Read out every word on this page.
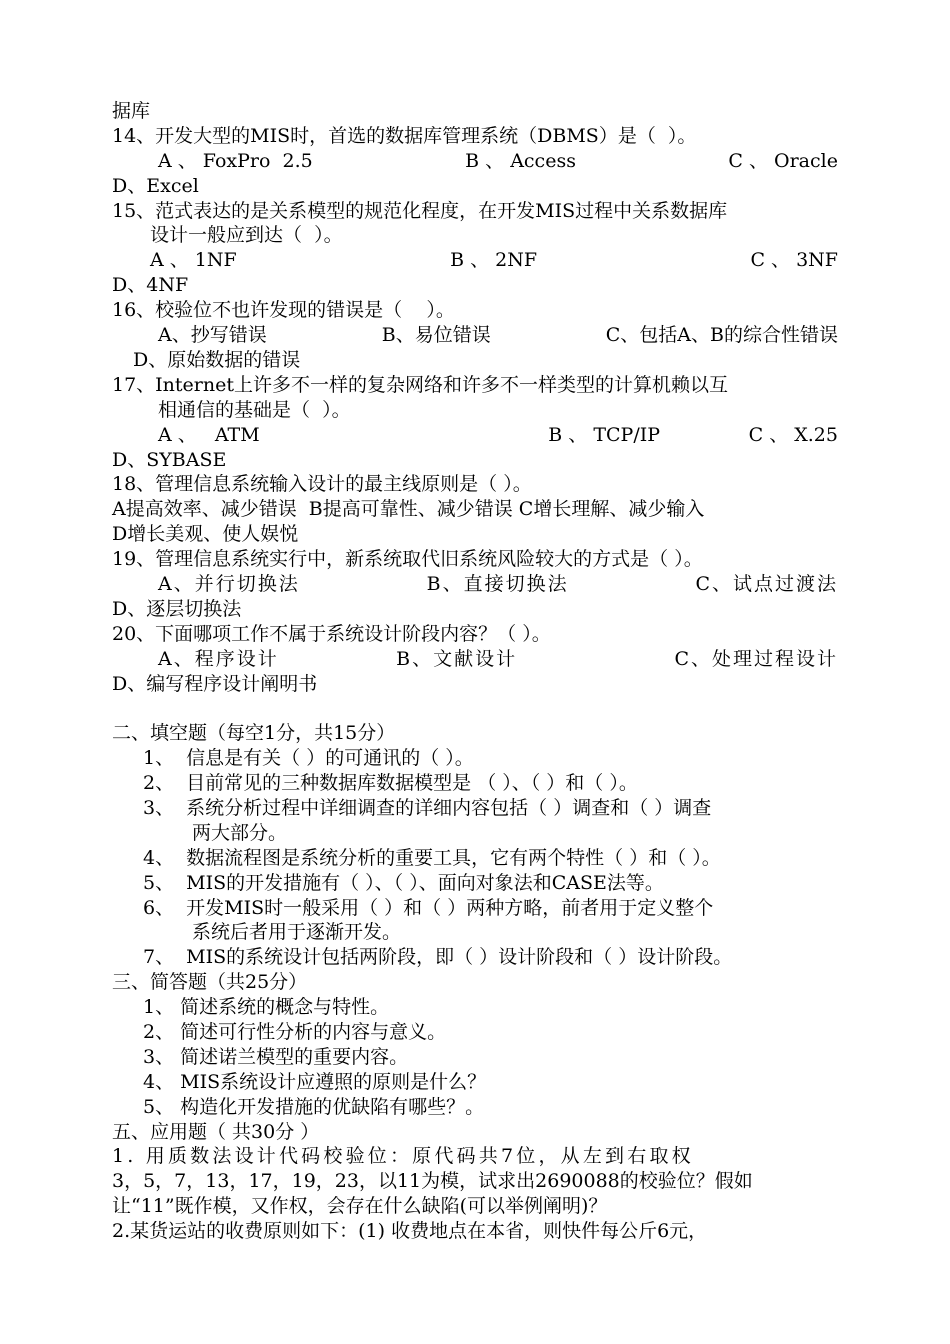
据库
14、开发大型的MIS时，首选的数据库管理系统（DBMS）是（  ）。
A 、 FoxPro  2.5	B 、 Access	C 、 Oracle
D、Excel
15、范式表达的是关系模型的规范化程度，在开发MIS过程中关系数据库
设计一般应到达（  ）。
A 、 1NF	B 、 2NF	C 、 3NF
D、4NF
16、校验位不也许发现的错误是（    ）。
A、抄写错误	B、易位错误	C、包括A、B的综合性错误
D、原始数据的错误
17、Internet上许多不一样的复杂网络和许多不一样类型的计算机赖以互
相通信的基础是（  ）。
A 、   ATM	B 、 TCP/IP	C 、 X.25
D、SYBASE
18、管理信息系统输入设计的最主线原则是（ ）。
A提高效率、减少错误  B提高可靠性、减少错误 C增长理解、减少输入
D增长美观、使人娱悦
19、管理信息系统实行中，新系统取代旧系统风险较大的方式是（ ）。
A、并行切换法	B、直接切换法	C、试点过渡法
D、逐层切换法
20、下面哪项工作不属于系统设计阶段内容？（ ）。
A、程序设计	B、文献设计	C、处理过程设计
D、编写程序设计阐明书
二、填空题（每空1分，共15分）
1、  信息是有关（ ）的可通讯的（ ）。
2、  目前常见的三种数据库数据模型是 （ ）、（ ）和（ ）。
3、  系统分析过程中详细调查的详细内容包括（ ）调查和（ ）调查
两大部分。
4、  数据流程图是系统分析的重要工具，它有两个特性（ ）和（ ）。
5、  MIS的开发措施有（ ）、（ ）、面向对象法和CASE法等。
6、  开发MIS时一般采用（ ）和（ ）两种方略，前者用于定义整个
系统后者用于逐渐开发。
7、  MIS的系统设计包括两阶段，即（ ）设计阶段和（ ）设计阶段。
三、简答题（共25分）
1、 简述系统的概念与特性。
2、 简述可行性分析的内容与意义。
3、 简述诺兰模型的重要内容。
4、 MIS系统设计应遵照的原则是什么？
5、 构造化开发措施的优缺陷有哪些？。
五、应用题（ 共30分 ）
1. 用质数法设计代码校验位：原代码共7位，从左到右取权
3，5，7，13，17，19，23，以11为模，试求出2690088的校验位？假如
让“11”既作模，又作权，会存在什么缺陷(可以举例阐明)？
2.某货运站的收费原则如下：(1) 收费地点在本省，则快件每公斤6元，
